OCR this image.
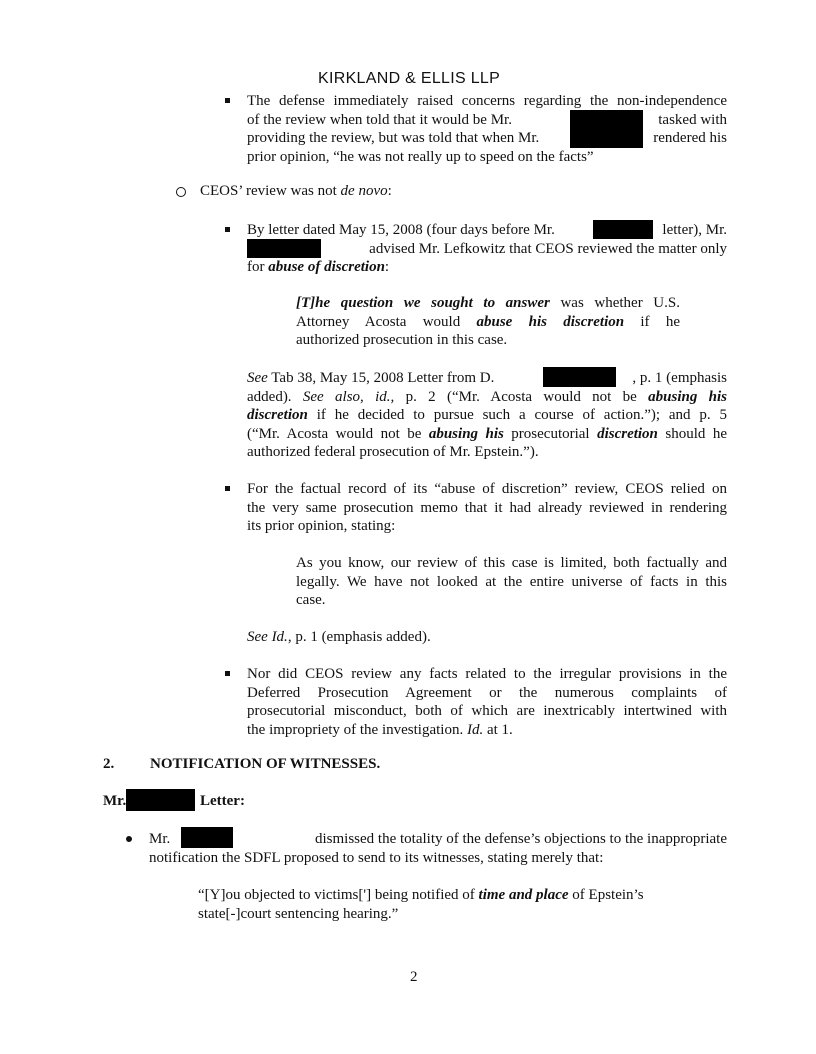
KIRKLAND & ELLIS LLP
The defense immediately raised concerns regarding the non-independence
of the review when told that it would be Mr.	tasked with
providing the review, but was told that when Mr.	rendered his
prior opinion, “he was not really up to speed on the facts”
CEOS’ review was not de novo:
By letter dated May 15, 2008 (four days before Mr.	letter), Mr.
advised Mr. Lefkowitz that CEOS reviewed the matter only

for abuse of discretion:
[T]he question we sought to answer was whether U.S.
Attorney Acosta would abuse his discretion if he
authorized prosecution in this case.
See Tab 38, May 15, 2008 Letter from D.	, p. 1 (emphasis
added). See also, id., p. 2 (“Mr. Acosta would not be abusing his
discretion if he decided to pursue such a course of action.”); and p. 5
(“Mr. Acosta would not be abusing his prosecutorial discretion should he
authorized federal prosecution of Mr. Epstein.”).
For the factual record of its “abuse of discretion” review, CEOS relied on
the very same prosecution memo that it had already reviewed in rendering
its prior opinion, stating:
As you know, our review of this case is limited, both factually and
legally. We have not looked at the entire universe of facts in this
case.
See Id., p. 1 (emphasis added).
Nor did CEOS review any facts related to the irregular provisions in the
Deferred Prosecution Agreement or the numerous complaints of
prosecutorial misconduct, both of which are inextricably intertwined with
the impropriety of the investigation. Id. at 1.
2. NOTIFICATION OF WITNESSES.
Mr.	Letter:
Mr.	dismissed the totality of the defense’s objections to the inappropriate
notification the SDFL proposed to send to its witnesses, stating merely that:
“[Y]ou objected to victims['] being notified of time and place of Epstein’s
state[-]court sentencing hearing.”
2
